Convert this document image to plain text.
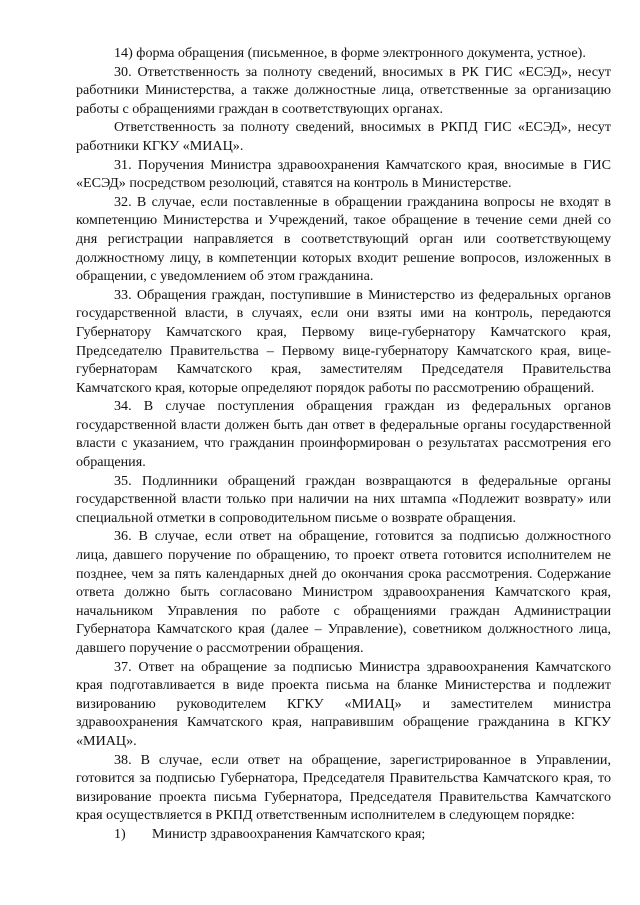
14) форма обращения (письменное, в форме электронного документа, устное).

30. Ответственность за полноту сведений, вносимых в РК ГИС «ЕСЭД», несут работники Министерства, а также должностные лица, ответственные за организацию работы с обращениями граждан в соответствующих органах.

Ответственность за полноту сведений, вносимых в РКПД ГИС «ЕСЭД», несут работники КГКУ «МИАЦ».

31. Поручения Министра здравоохранения Камчатского края, вносимые в ГИС «ЕСЭД» посредством резолюций, ставятся на контроль в Министерстве.

32. В случае, если поставленные в обращении гражданина вопросы не входят в компетенцию Министерства и Учреждений, такое обращение в течение семи дней со дня регистрации направляется в соответствующий орган или соответствующему должностному лицу, в компетенции которых входит решение вопросов, изложенных в обращении, с уведомлением об этом гражданина.

33. Обращения граждан, поступившие в Министерство из федеральных органов государственной власти, в случаях, если они взяты ими на контроль, передаются Губернатору Камчатского края, Первому вице-губернатору Камчатского края, Председателю Правительства – Первому вице-губернатору Камчатского края, вице-губернаторам Камчатского края, заместителям Председателя Правительства Камчатского края, которые определяют порядок работы по рассмотрению обращений.

34. В случае поступления обращения граждан из федеральных органов государственной власти должен быть дан ответ в федеральные органы государственной власти с указанием, что гражданин проинформирован о результатах рассмотрения его обращения.

35. Подлинники обращений граждан возвращаются в федеральные органы государственной власти только при наличии на них штампа «Подлежит возврату» или специальной отметки в сопроводительном письме о возврате обращения.

36. В случае, если ответ на обращение, готовится за подписью должностного лица, давшего поручение по обращению, то проект ответа готовится исполнителем не позднее, чем за пять календарных дней до окончания срока рассмотрения. Содержание ответа должно быть согласовано Министром здравоохранения Камчатского края, начальником Управления по работе с обращениями граждан Администрации Губернатора Камчатского края (далее – Управление), советником должностного лица, давшего поручение о рассмотрении обращения.

37. Ответ на обращение за подписью Министра здравоохранения Камчатского края подготавливается в виде проекта письма на бланке Министерства и подлежит визированию руководителем КГКУ «МИАЦ» и заместителем министра здравоохранения Камчатского края, направившим обращение гражданина в КГКУ «МИАЦ».

38. В случае, если ответ на обращение, зарегистрированное в Управлении, готовится за подписью Губернатора, Председателя Правительства Камчатского края, то визирование проекта письма Губернатора, Председателя Правительства Камчатского края осуществляется в РКПД ответственным исполнителем в следующем порядке:

1)	Министр здравоохранения Камчатского края;
